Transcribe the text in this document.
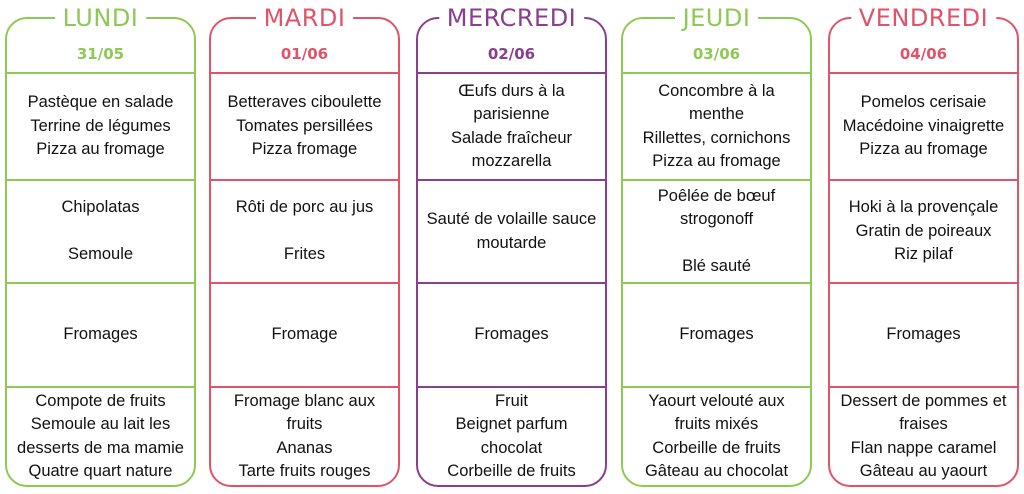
LUNDI
31/05
Pastèque en salade
Terrine de légumes
Pizza au fromage
Chipolatas
Semoule
Fromages
Compote de fruits
Semoule au lait les
desserts de ma mamie
Quatre quart nature
MARDI
01/06
Betteraves ciboulette
Tomates persillées
Pizza fromage
Rôti de porc au jus
Frites
Fromage
Fromage blanc aux
fruits
Ananas
Tarte fruits rouges
MERCREDI
02/06
Œufs durs à la
parisienne
Salade fraîcheur
mozzarella
Sauté de volaille sauce
moutarde
Fromages
Fruit
Beignet parfum
chocolat
Corbeille de fruits
JEUDI
03/06
Concombre à la
menthe
Rillettes, cornichons
Pizza au fromage
Poêlée de bœuf
strogonoff
Blé sauté
Fromages
Yaourt velouté aux
fruits mixés
Corbeille de fruits
Gâteau au chocolat
VENDREDI
04/06
Pomelos cerisaie
Macédoine vinaigrette
Pizza au fromage
Hoki à la provençale
Gratin de poireaux
Riz pilaf
Fromages
Dessert de pommes et
fraises
Flan nappe caramel
Gâteau au yaourt
